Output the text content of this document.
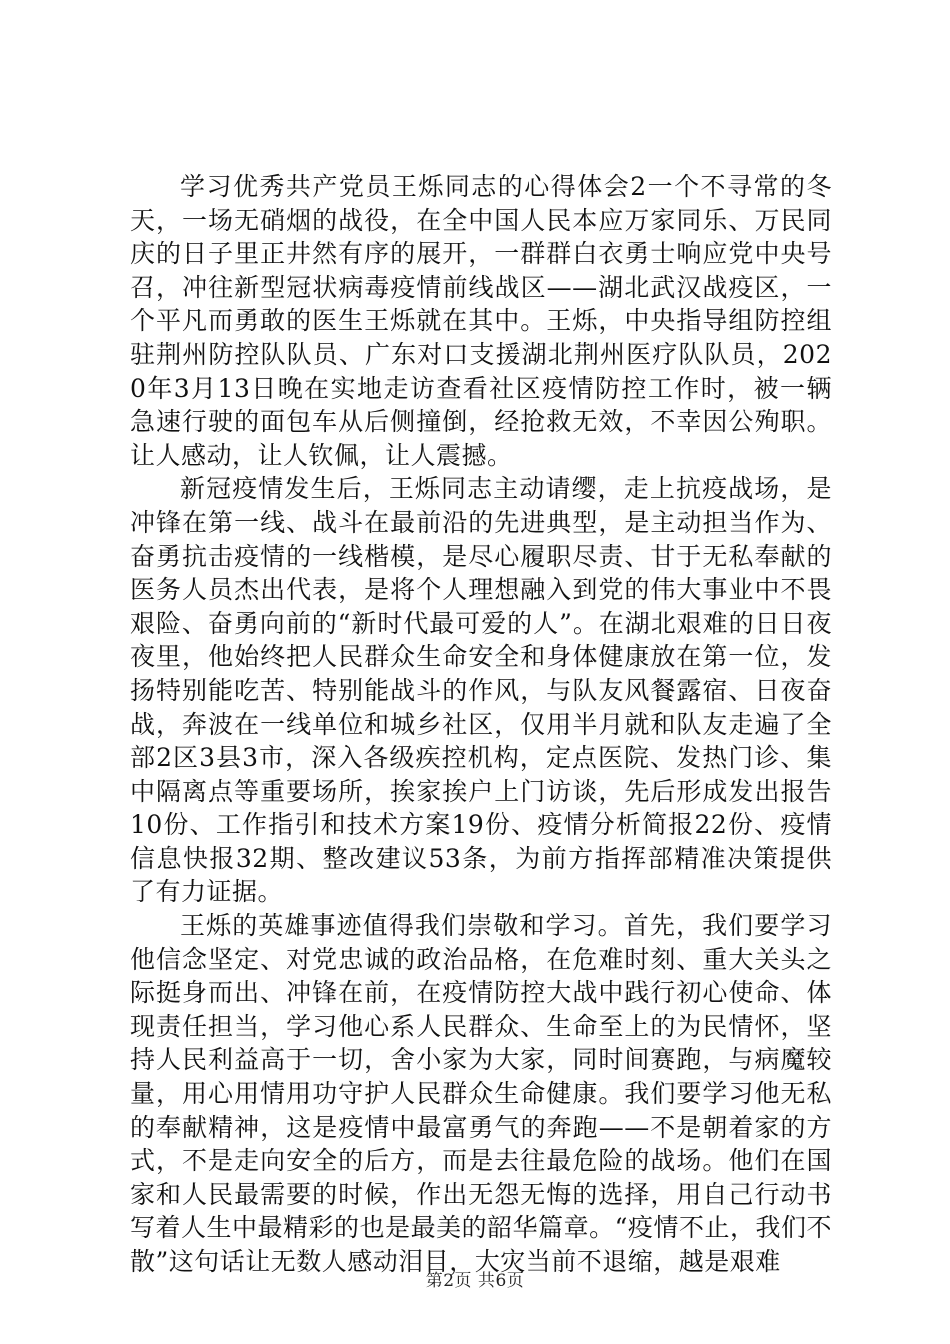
学习优秀共产党员王烁同志的心得体会2一个不寻常的冬天，一场无硝烟的战役，在全中国人民本应万家同乐、万民同庆的日子里正井然有序的展开，一群群白衣勇士响应党中央号召，冲往新型冠状病毒疫情前线战区——湖北武汉战疫区，一个平凡而勇敢的医生王烁就在其中。王烁，中央指导组防控组驻荆州防控队队员、广东对口支援湖北荆州医疗队队员，2020年3月13日晚在实地走访查看社区疫情防控工作时，被一辆急速行驶的面包车从后侧撞倒，经抢救无效，不幸因公殉职。让人感动，让人钦佩，让人震撼。

新冠疫情发生后，王烁同志主动请缨，走上抗疫战场，是冲锋在第一线、战斗在最前沿的先进典型，是主动担当作为、奋勇抗击疫情的一线楷模，是尽心履职尽责、甘于无私奉献的医务人员杰出代表，是将个人理想融入到党的伟大事业中不畏艰险、奋勇向前的“新时代最可爱的人”。在湖北艰难的日日夜夜里，他始终把人民群众生命安全和身体健康放在第一位，发扬特别能吃苦、特别能战斗的作风，与队友风餐露宿、日夜奋战，奔波在一线单位和城乡社区，仅用半月就和队友走遍了全部2区3县3市，深入各级疾控机构，定点医院、发热门诊、集中隔离点等重要场所，挨家挨户上门访谈，先后形成发出报告10份、工作指引和技术方案19份、疫情分析简报22份、疫情信息快报32期、整改建议53条，为前方指挥部精准决策提供了有力证据。

王烁的英雄事迹值得我们崇敬和学习。首先，我们要学习他信念坚定、对党忠诚的政治品格，在危难时刻、重大关头之际挺身而出、冲锋在前，在疫情防控大战中践行初心使命、体现责任担当，学习他心系人民群众、生命至上的为民情怀，坚持人民利益高于一切，舍小家为大家，同时间赛跑，与病魔较量，用心用情用功守护人民群众生命健康。我们要学习他无私的奉献精神，这是疫情中最富勇气的奔跑——不是朝着家的方式，不是走向安全的后方，而是去往最危险的战场。他们在国家和人民最需要的时候，作出无怨无悔的选择，用自己行动书写着人生中最精彩的也是最美的韶华篇章。“疫情不止，我们不散”这句话让无数人感动泪目，大灾当前不退缩，越是艰难

第2页 共6页
